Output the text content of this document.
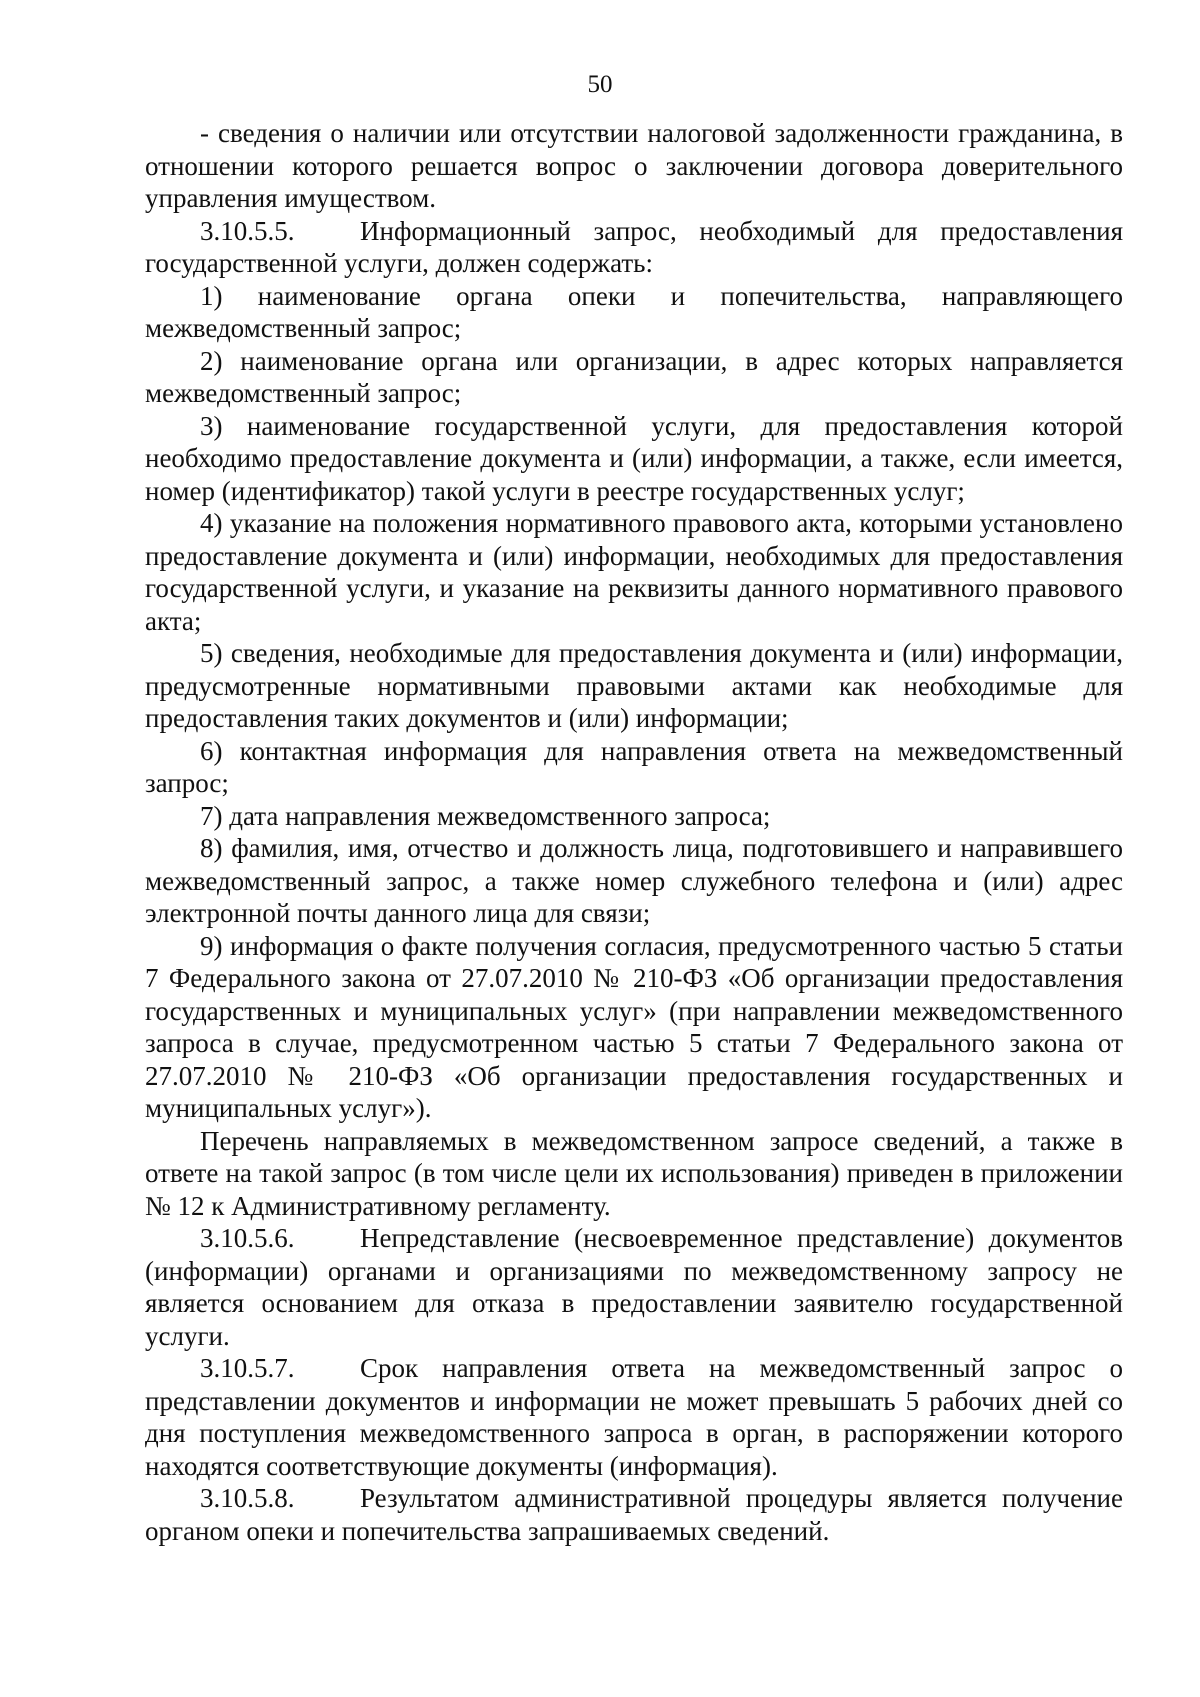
50

- сведения о наличии или отсутствии налоговой задолженности гражданина, в отношении которого решается вопрос о заключении договора доверительного управления имуществом.

3.10.5.5. Информационный запрос, необходимый для предоставления государственной услуги, должен содержать:

1) наименование органа опеки и попечительства, направляющего межведомственный запрос;

2) наименование органа или организации, в адрес которых направляется межведомственный запрос;

3) наименование государственной услуги, для предоставления которой необходимо предоставление документа и (или) информации, а также, если имеется, номер (идентификатор) такой услуги в реестре государственных услуг;

4) указание на положения нормативного правового акта, которыми установлено предоставление документа и (или) информации, необходимых для предоставления государственной услуги, и указание на реквизиты данного нормативного правового акта;

5) сведения, необходимые для предоставления документа и (или) информации, предусмотренные нормативными правовыми актами как необходимые для предоставления таких документов и (или) информации;

6) контактная информация для направления ответа на межведомственный запрос;

7) дата направления межведомственного запроса;

8) фамилия, имя, отчество и должность лица, подготовившего и направившего межведомственный запрос, а также номер служебного телефона и (или) адрес электронной почты данного лица для связи;

9) информация о факте получения согласия, предусмотренного частью 5 статьи 7 Федерального закона от 27.07.2010 № 210-ФЗ «Об организации предоставления государственных и муниципальных услуг» (при направлении межведомственного запроса в случае, предусмотренном частью 5 статьи 7 Федерального закона от 27.07.2010 № 210-ФЗ «Об организации предоставления государственных и муниципальных услуг»).

Перечень направляемых в межведомственном запросе сведений, а также в ответе на такой запрос (в том числе цели их использования) приведен в приложении № 12 к Административному регламенту.

3.10.5.6. Непредставление (несвоевременное представление) документов (информации) органами и организациями по межведомственному запросу не является основанием для отказа в предоставлении заявителю государственной услуги.

3.10.5.7. Срок направления ответа на межведомственный запрос о представлении документов и информации не может превышать 5 рабочих дней со дня поступления межведомственного запроса в орган, в распоряжении которого находятся соответствующие документы (информация).

3.10.5.8. Результатом административной процедуры является получение органом опеки и попечительства запрашиваемых сведений.
